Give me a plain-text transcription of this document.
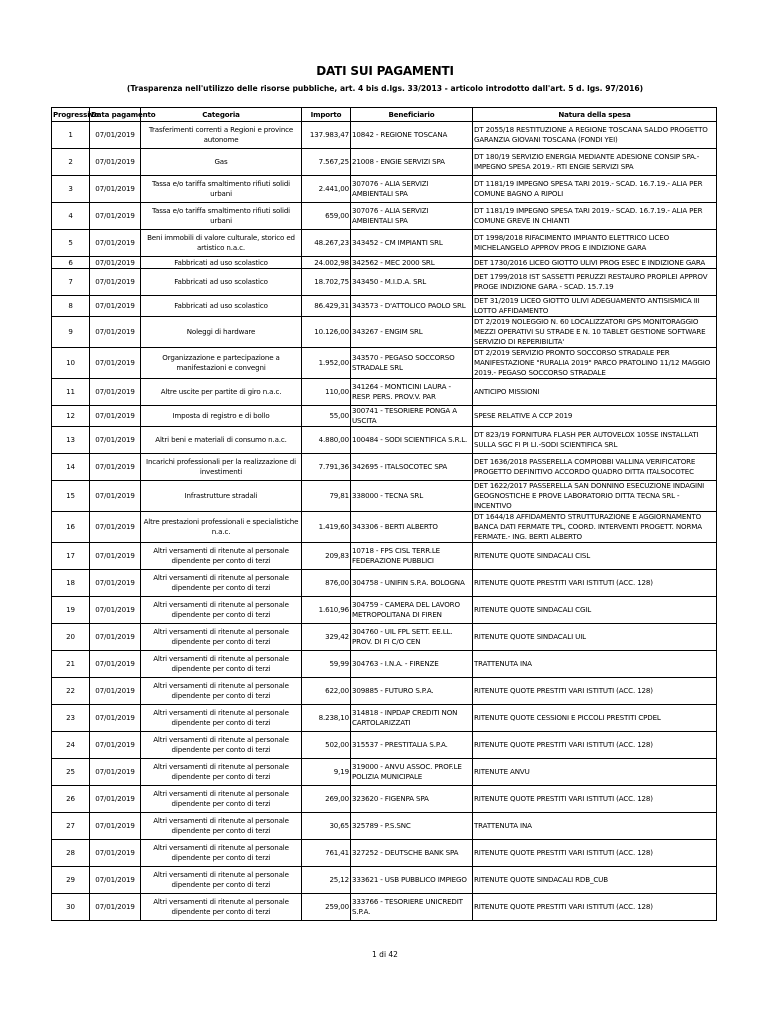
DATI SUI PAGAMENTI
(Trasparenza nell'utilizzo delle risorse pubbliche, art. 4 bis d.lgs. 33/2013 - articolo introdotto dall'art. 5 d. lgs. 97/2016)
Progressivo	Data pagamento	Categoria	Importo	Beneficiario	Natura della spesa
1	07/01/2019	Trasferimenti correnti a Regioni e province autonome	137.983,47	10842 - REGIONE TOSCANA	DT 2055/18 RESTITUZIONE A REGIONE TOSCANA SALDO PROGETTO GARANZIA GIOVANI TOSCANA (FONDI YEI)
2	07/01/2019	Gas	7.567,25	21008 - ENGIE SERVIZI SPA	DT 180/19 SERVIZIO ENERGIA MEDIANTE ADESIONE CONSIP SPA.- IMPEGNO SPESA 2019.- RTI ENGIE SERVIZI SPA
3	07/01/2019	Tassa e/o tariffa smaltimento rifiuti solidi urbani	2.441,00	307076 - ALIA SERVIZI AMBIENTALI SPA	DT 1181/19 IMPEGNO SPESA TARI 2019.- SCAD. 16.7.19.- ALIA PER COMUNE BAGNO A RIPOLI
4	07/01/2019	Tassa e/o tariffa smaltimento rifiuti solidi urbani	659,00	307076 - ALIA SERVIZI AMBIENTALI SPA	DT 1181/19 IMPEGNO SPESA TARI 2019.- SCAD. 16.7.19.- ALIA PER COMUNE GREVE IN CHIANTI
5	07/01/2019	Beni immobili di valore culturale, storico ed artistico n.a.c.	48.267,23	343452 - CM IMPIANTI SRL	DT 1998/2018 RIFACIMENTO IMPIANTO ELETTRICO LICEO MICHELANGELO APPROV PROG E INDIZIONE GARA
6	07/01/2019	Fabbricati ad uso scolastico	24.002,98	342562 - MEC 2000 SRL	DET 1730/2016 LICEO GIOTTO ULIVI PROG ESEC E INDIZIONE GARA
7	07/01/2019	Fabbricati ad uso scolastico	18.702,75	343450 - M.I.D.A. SRL	DET 1799/2018 IST SASSETTI PERUZZI RESTAURO PROPILEI APPROV PROGE INDIZIONE GARA - SCAD. 15.7.19
8	07/01/2019	Fabbricati ad uso scolastico	86.429,31	343573 - D'ATTOLICO PAOLO SRL	DET 31/2019 LICEO GIOTTO ULIVI ADEGUAMENTO ANTISISMICA III LOTTO AFFIDAMENTO
9	07/01/2019	Noleggi di hardware	10.126,00	343267 - ENGIM SRL	DT 2/2019 NOLEGGIO N. 60 LOCALIZZATORI GPS MONITORAGGIO MEZZI OPERATIVI SU STRADE E N. 10 TABLET GESTIONE SOFTWARE SERVIZIO DI REPERIBILITA'
10	07/01/2019	Organizzazione e partecipazione a manifestazioni e convegni	1.952,00	343570 - PEGASO SOCCORSO STRADALE SRL	DT 2/2019 SERVIZIO PRONTO SOCCORSO STRADALE PER MANIFESTAZIONE "RURALIA 2019" PARCO PRATOLINO 11/12 MAGGIO 2019.- PEGASO SOCCORSO STRADALE
11	07/01/2019	Altre uscite per partite di giro n.a.c.	110,00	341264 - MONTICINI LAURA - RESP. PERS. PROV.V. PAR	ANTICIPO MISSIONI
12	07/01/2019	Imposta di registro e di bollo	55,00	300741 - TESORIERE PONGA A USCITA	SPESE RELATIVE A CCP 2019
13	07/01/2019	Altri beni e materiali di consumo n.a.c.	4.880,00	100484 - SODI SCIENTIFICA S.R.L.	DT 823/19 FORNITURA FLASH PER AUTOVELOX 105SE INSTALLATI SULLA SGC FI PI LI.-SODI SCIENTIFICA SRL
14	07/01/2019	Incarichi professionali per la realizzazione di investimenti	7.791,36	342695 - ITALSOCOTEC SPA	DET 1636/2018 PASSERELLA COMPIOBBI VALLINA VERIFICATORE PROGETTO DEFINITIVO ACCORDO QUADRO DITTA ITALSOCOTEC
15	07/01/2019	Infrastrutture stradali	79,81	338000 - TECNA SRL	DET 1622/2017 PASSERELLA SAN DONNINO ESECUZIONE INDAGINI GEOGNOSTICHE E PROVE LABORATORIO DITTA TECNA SRL - INCENTIVO
16	07/01/2019	Altre prestazioni professionali e specialistiche n.a.c.	1.419,60	343306 - BERTI ALBERTO	DT 1644/18 AFFIDAMENTO STRUTTURAZIONE E AGGIORNAMENTO BANCA DATI FERMATE TPL, COORD. INTERVENTI PROGETT. NORMA FERMATE.- ING. BERTI ALBERTO
17	07/01/2019	Altri versamenti di ritenute al personale dipendente per conto di terzi	209,83	10718 - FPS CISL TERR.LE FEDERAZIONE PUBBLICI	RITENUTE QUOTE SINDACALI CISL
18	07/01/2019	Altri versamenti di ritenute al personale dipendente per conto di terzi	876,00	304758 - UNIFIN S.P.A. BOLOGNA	RITENUTE QUOTE PRESTITI VARI ISTITUTI (ACC. 128)
19	07/01/2019	Altri versamenti di ritenute al personale dipendente per conto di terzi	1.610,96	304759 - CAMERA DEL LAVORO METROPOLITANA DI FIREN	RITENUTE QUOTE SINDACALI CGIL
20	07/01/2019	Altri versamenti di ritenute al personale dipendente per conto di terzi	329,42	304760 - UIL FPL SETT. EE.LL. PROV. DI FI C/O CEN	RITENUTE QUOTE SINDACALI UIL
21	07/01/2019	Altri versamenti di ritenute al personale dipendente per conto di terzi	59,99	304763 - I.N.A. - FIRENZE	TRATTENUTA INA
22	07/01/2019	Altri versamenti di ritenute al personale dipendente per conto di terzi	622,00	309885 - FUTURO S.P.A.	RITENUTE QUOTE PRESTITI VARI ISTITUTI (ACC. 128)
23	07/01/2019	Altri versamenti di ritenute al personale dipendente per conto di terzi	8.238,10	314818 - INPDAP CREDITI NON CARTOLARIZZATI	RITENUTE QUOTE CESSIONI E PICCOLI PRESTITI CPDEL
24	07/01/2019	Altri versamenti di ritenute al personale dipendente per conto di terzi	502,00	315537 - PRESTITALIA S.P.A.	RITENUTE QUOTE PRESTITI VARI ISTITUTI (ACC. 128)
25	07/01/2019	Altri versamenti di ritenute al personale dipendente per conto di terzi	9,19	319000 - ANVU ASSOC. PROF.LE POLIZIA MUNICIPALE	RITENUTE ANVU
26	07/01/2019	Altri versamenti di ritenute al personale dipendente per conto di terzi	269,00	323620 - FIGENPA SPA	RITENUTE QUOTE PRESTITI VARI ISTITUTI (ACC. 128)
27	07/01/2019	Altri versamenti di ritenute al personale dipendente per conto di terzi	30,65	325789 - P.S.SNC	TRATTENUTA INA
28	07/01/2019	Altri versamenti di ritenute al personale dipendente per conto di terzi	761,41	327252 - DEUTSCHE BANK SPA	RITENUTE QUOTE PRESTITI VARI ISTITUTI (ACC. 128)
29	07/01/2019	Altri versamenti di ritenute al personale dipendente per conto di terzi	25,12	333621 - USB PUBBLICO IMPIEGO	RITENUTE QUOTE SINDACALI RDB_CUB
30	07/01/2019	Altri versamenti di ritenute al personale dipendente per conto di terzi	259,00	333766 - TESORIERE UNICREDIT S.P.A.	RITENUTE QUOTE PRESTITI VARI ISTITUTI (ACC. 128)
1 di 42
